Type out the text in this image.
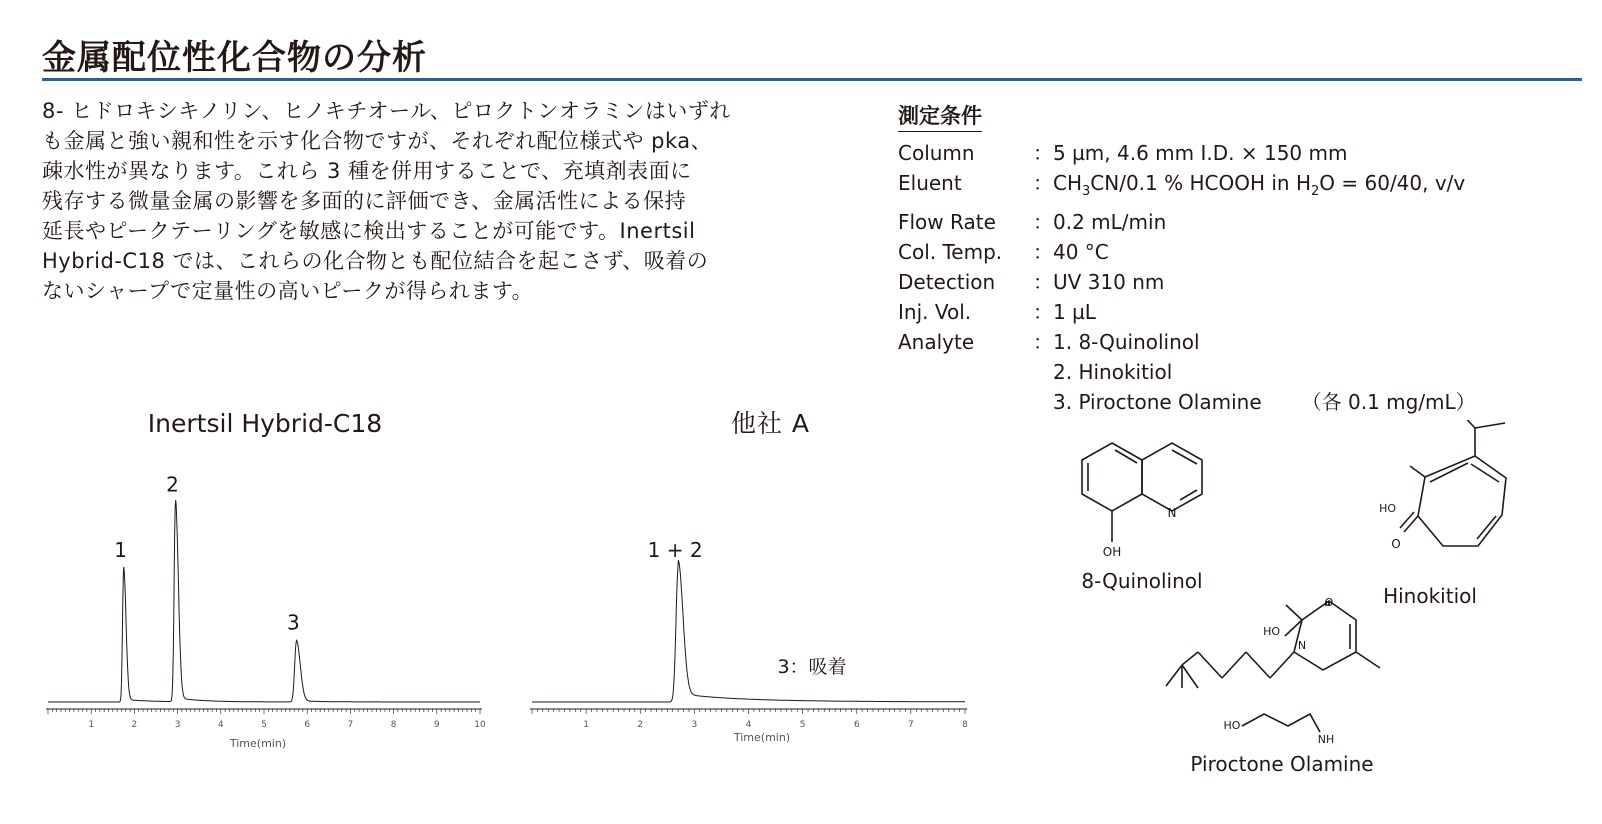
金属配位性化合物の分析

8- ヒドロキシキノリン、ヒノキチオール、ピロクトンオラミンはいずれ

も金属と強い親和性を示す化合物ですが、それぞれ配位様式や pka、

疎水性が異なります。これら 3 種を併用することで、充填剤表面に

残存する微量金属の影響を多面的に評価でき、金属活性による保持

延長やピークテーリングを敏感に検出することが可能です。Inertsil

Hybrid-C18 では、これらの化合物とも配位結合を起こさず、吸着の

ないシャープで定量性の高いピークが得られます。

測定条件
Column	：	5 µm, 4.6 mm I.D. × 150 mm
Eluent	：	$CH_3CN/0.1$ % HCOOH in $H_2O = 60/40$, v/v
Flow Rate	：	0.2 mL/min
Col. Temp.	：	40 °C
Detection	：	UV 310 nm
Inj. Vol.	：	1 µL
Analyte	：	1. 8-Quinolinol
		2. Hinokitiol
		3. Piroctone Olamine （各 0.1 mg/mL）
N
OH
8-Quinolinol
HO
O
Hinokitiol
O
N
HO
HO
NH
Piroctone Olamine
Inertsil Hybrid-C18
1
2
3
1	2	3	4	5	6	7	8	9	10
Time(min)
他社 A
1 + 2
1	2	3	4	5	6	7	8
3：吸着
Time(min)
